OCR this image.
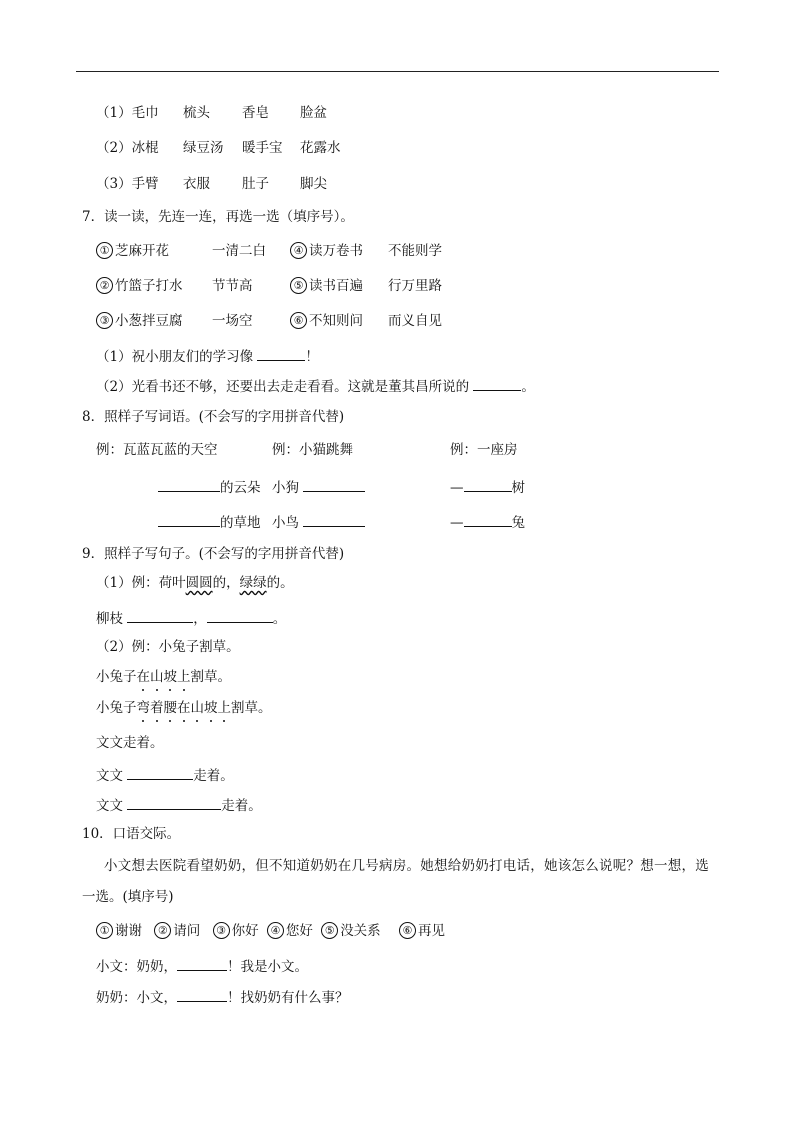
（1）毛巾 梳头 香皂 脸盆
（2）冰棍 绿豆汤 暖手宝 花露水
（3）手臂 衣服 肚子 脚尖
7．读一读，先连一连，再选一选（填序号）。
① 芝麻开花	一清二白	④ 读万卷书 不能则学
② 竹篮子打水 节节高	⑤ 读书百遍 行万里路
③ 小葱拌豆腐 一场空	⑥ 不知则问 而义自见
（1）祝小朋友们的学习像	！
（2）光看书还不够，还要出去走走看看。这就是董其昌所说的	。
8．照样子写词语。(不会写的字用拼音代替)
例：瓦蓝瓦蓝的天空	例：小猫跳舞	例：一座房
的云朵 小狗	—	树
的草地 小鸟	—	兔
9．照样子写句子。(不会写的字用拼音代替)
（1）例：荷叶圆圆的，绿绿的。
柳枝	，	。
（2）例：小兔子割草。
小兔子在山坡上割草。
小兔子弯着腰在山坡上割草。
文文走着。
文文	走着。
文文	走着。
10．口语交际。
小文想去医院看望奶奶，但不知道奶奶在几号病房。她想给奶奶打电话，她该怎么说呢？想一想，选
一选。(填序号)
① 谢谢 ② 请问 ③ 你好 ④ 您好 ⑤ 没关系 ⑥ 再见
小文：奶奶，	！我是小文。
奶奶：小文，	！找奶奶有什么事？
